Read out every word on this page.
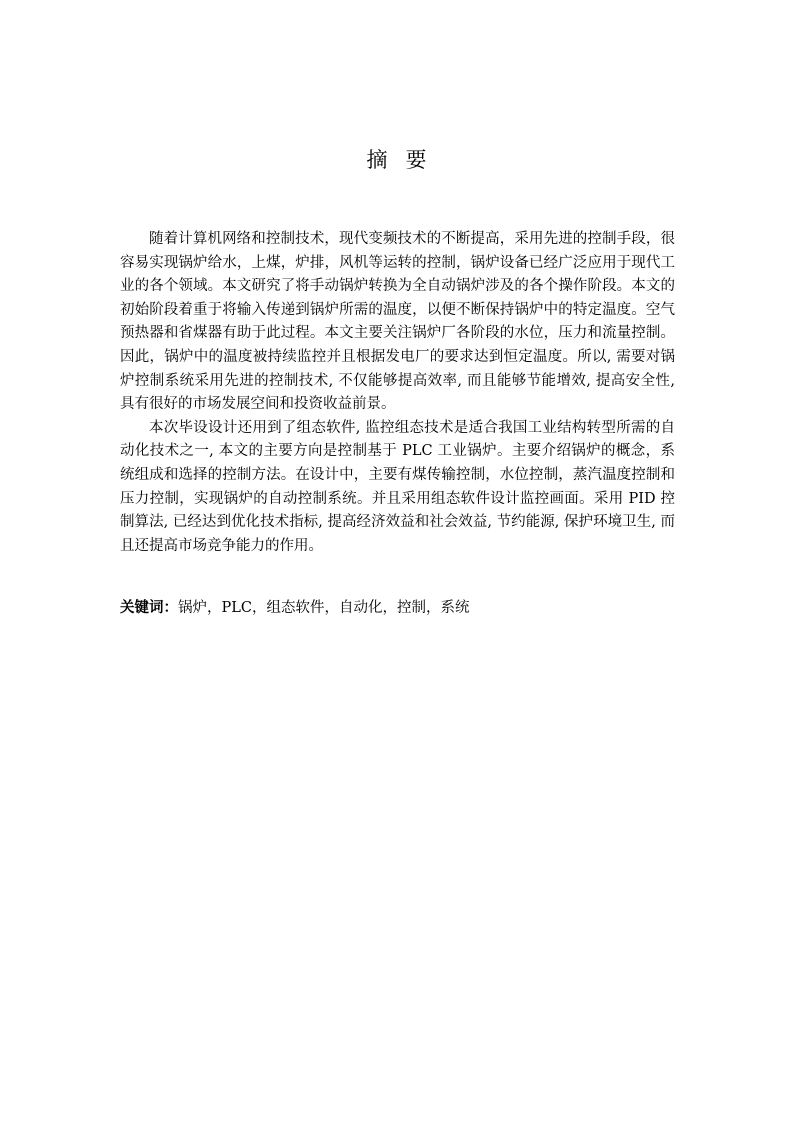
摘要

随着计算机网络和控制技术，现代变频技术的不断提高，采用先进的控制手段，很容易实现锅炉给水，上煤，炉排，风机等运转的控制，锅炉设备已经广泛应用于现代工业的各个领域。本文研究了将手动锅炉转换为全自动锅炉涉及的各个操作阶段。本文的初始阶段着重于将输入传递到锅炉所需的温度，以便不断保持锅炉中的特定温度。空气预热器和省煤器有助于此过程。本文主要关注锅炉厂各阶段的水位，压力和流量控制。因此，锅炉中的温度被持续监控并且根据发电厂的要求达到恒定温度。所以, 需要对锅炉控制系统采用先进的控制技术, 不仅能够提高效率, 而且能够节能增效, 提高安全性, 具有很好的市场发展空间和投资收益前景。

本次毕设设计还用到了组态软件, 监控组态技术是适合我国工业结构转型所需的自动化技术之一, 本文的主要方向是控制基于 PLC 工业锅炉。主要介绍锅炉的概念，系统组成和选择的控制方法。在设计中，主要有煤传输控制，水位控制，蒸汽温度控制和压力控制，实现锅炉的自动控制系统。并且采用组态软件设计监控画面。采用 PID 控制算法, 已经达到优化技术指标, 提高经济效益和社会效益, 节约能源, 保护环境卫生, 而且还提高市场竞争能力的作用。

关键词：锅炉，PLC，组态软件，自动化，控制，系统
